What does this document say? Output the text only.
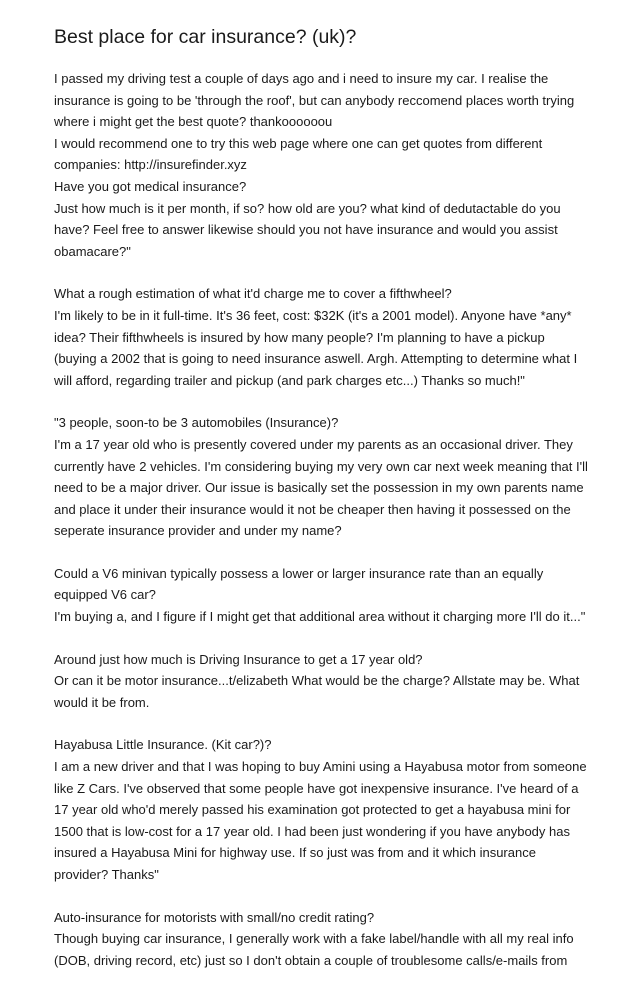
Best place for car insurance? (uk)?
I passed my driving test a couple of days ago and i need to insure my car. I realise the
insurance is going to be 'through the roof', but can anybody reccomend places worth trying
where i might get the best quote? thankoooooou
I would recommend one to try this web page where one can get quotes from different
companies: http://insurefinder.xyz
Have you got medical insurance?
Just how much is it per month, if so? how old are you? what kind of dedutactable do you
have? Feel free to answer likewise should you not have insurance and would you assist
obamacare?"
What a rough estimation of what it'd charge me to cover a fifthwheel?
I'm likely to be in it full-time. It's 36 feet, cost: $32K (it's a 2001 model). Anyone have *any*
idea? Their fifthwheels is insured by how many people? I'm planning to have a pickup
(buying a 2002 that is going to need insurance aswell. Argh. Attempting to determine what I
will afford, regarding trailer and pickup (and park charges etc...) Thanks so much!"
"3 people, soon-to be 3 automobiles (Insurance)?
I'm a 17 year old who is presently covered under my parents as an occasional driver. They
currently have 2 vehicles. I'm considering buying my very own car next week meaning that I'll
need to be a major driver. Our issue is basically set the possession in my own parents name
and place it under their insurance would it not be cheaper then having it possessed on the
seperate insurance provider and under my name?
Could a V6 minivan typically possess a lower or larger insurance rate than an equally
equipped V6 car?
I'm buying a, and I figure if I might get that additional area without it charging more I'll do it..."
Around just how much is Driving Insurance to get a 17 year old?
Or can it be motor insurance...t/elizabeth What would be the charge? Allstate may be. What
would it be from.
Hayabusa Little Insurance. (Kit car?)?
I am a new driver and that I was hoping to buy Amini using a Hayabusa motor from someone
like Z Cars. I've observed that some people have got inexpensive insurance. I've heard of a
17 year old who'd merely passed his examination got protected to get a hayabusa mini for
1500 that is low-cost for a 17 year old. I had been just wondering if you have anybody has
insured a Hayabusa Mini for highway use. If so just was from and it which insurance
provider? Thanks"
Auto-insurance for motorists with small/no credit rating?
Though buying car insurance, I generally work with a fake label/handle with all my real info
(DOB, driving record, etc) just so I don't obtain a couple of troublesome calls/e-mails from
